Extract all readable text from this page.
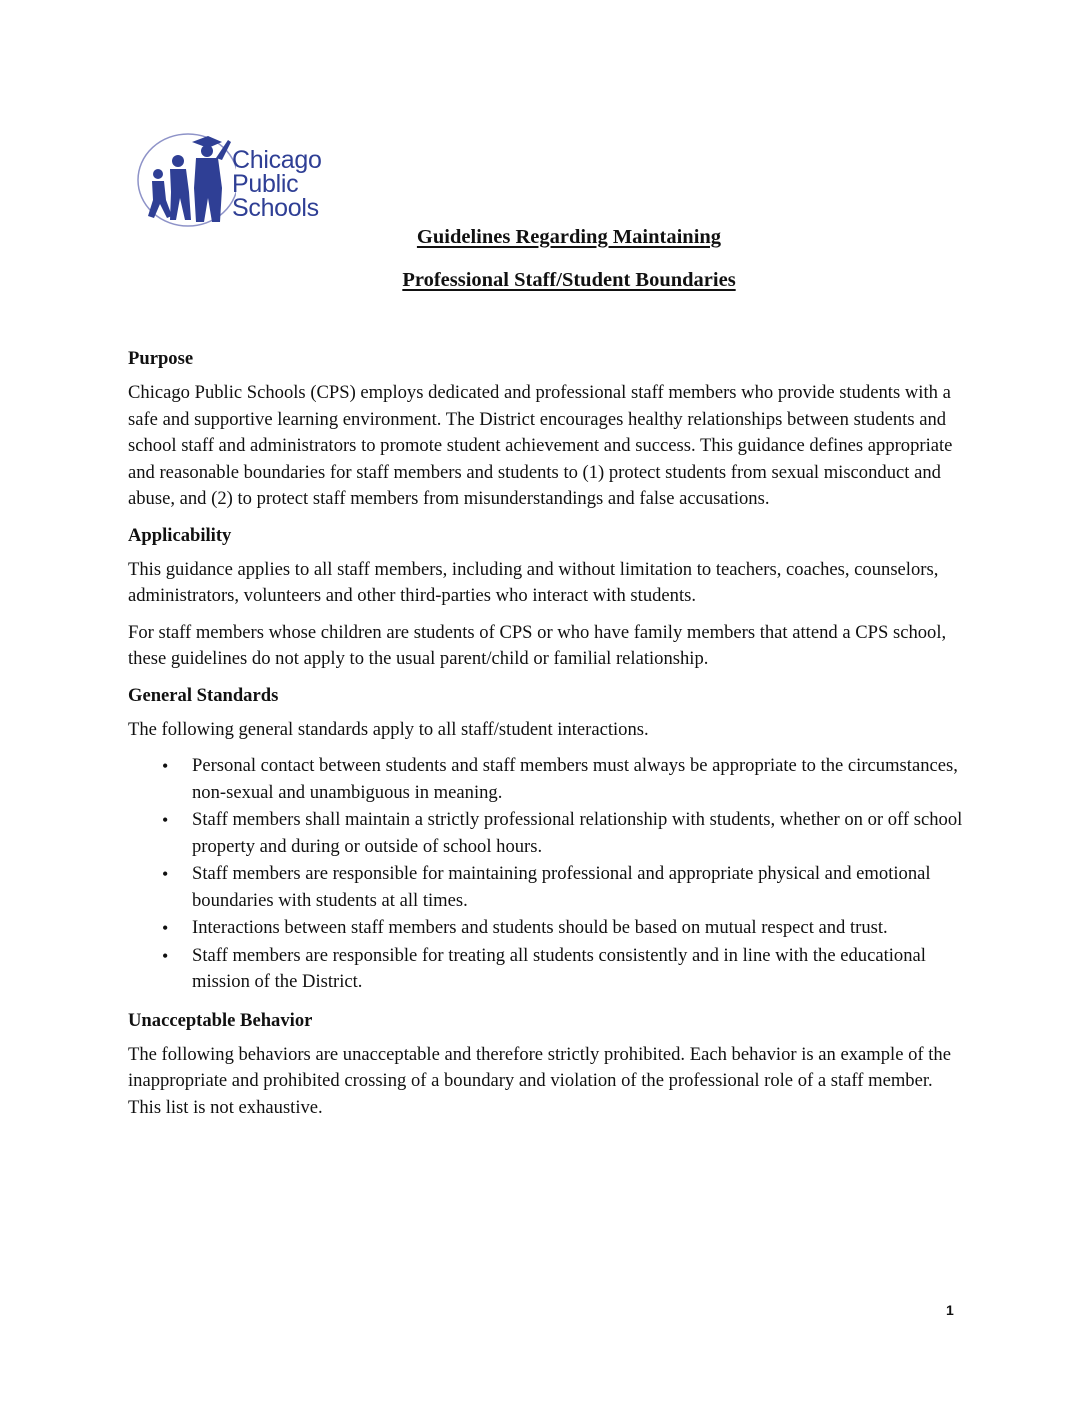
Chicago
Public
Schools
Guidelines Regarding Maintaining
Professional Staff/Student Boundaries
Purpose

Chicago Public Schools (CPS) employs dedicated and professional staff members who provide students with a safe and supportive learning environment. The District encourages healthy relationships between students and school staff and administrators to promote student achievement and success. This guidance defines appropriate and reasonable boundaries for staff members and students to (1) protect students from sexual misconduct and abuse, and (2) to protect staff members from misunderstandings and false accusations.

Applicability

This guidance applies to all staff members, including and without limitation to teachers, coaches, counselors, administrators, volunteers and other third-parties who interact with students.

For staff members whose children are students of CPS or who have family members that attend a CPS school, these guidelines do not apply to the usual parent/child or familial relationship.

General Standards

The following general standards apply to all staff/student interactions.

• Personal contact between students and staff members must always be appropriate to the circumstances, non-sexual and unambiguous in meaning.
• Staff members shall maintain a strictly professional relationship with students, whether on or off school property and during or outside of school hours.
• Staff members are responsible for maintaining professional and appropriate physical and emotional boundaries with students at all times.
• Interactions between staff members and students should be based on mutual respect and trust.
• Staff members are responsible for treating all students consistently and in line with the educational mission of the District.
Unacceptable Behavior

The following behaviors are unacceptable and therefore strictly prohibited. Each behavior is an example of the inappropriate and prohibited crossing of a boundary and violation of the professional role of a staff member. This list is not exhaustive.

1
